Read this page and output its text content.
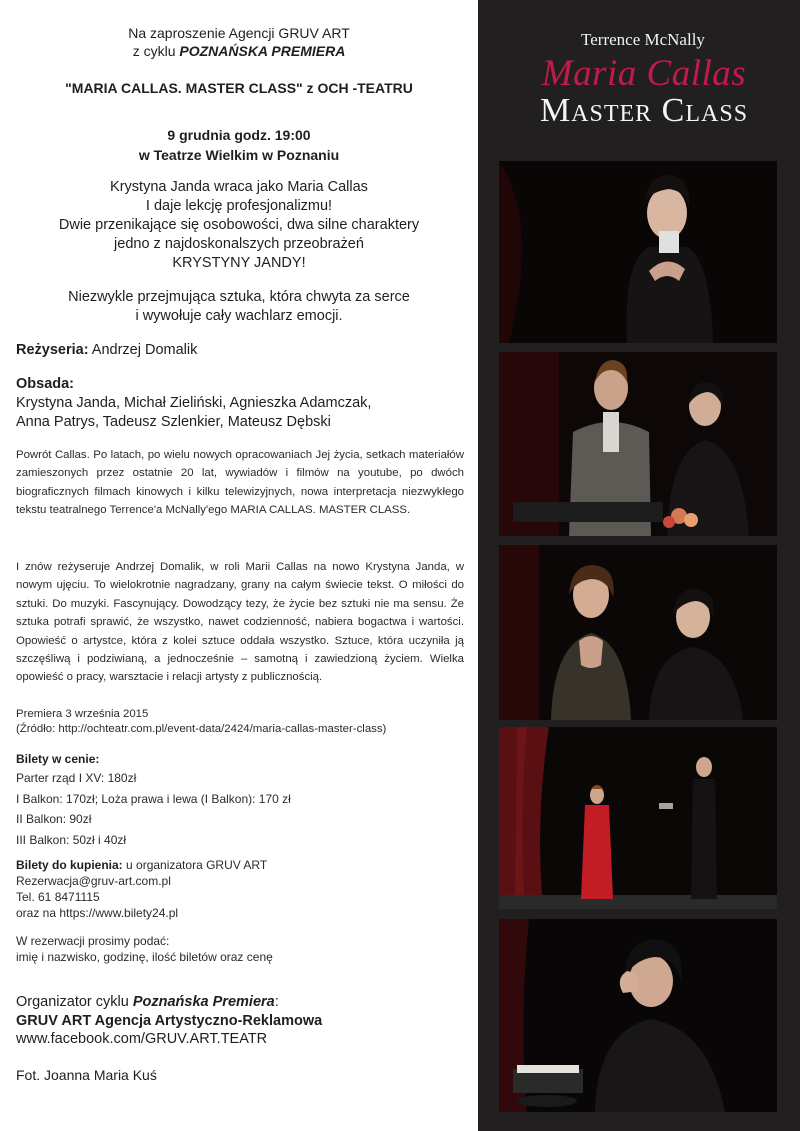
Na zaproszenie Agencji GRUV ART
z cyklu POZNAŃSKA PREMIERA
"MARIA CALLAS. MASTER CLASS" z OCH -TEATRU
9 grudnia godz. 19:00
w Teatrze Wielkim w Poznaniu
Krystyna Janda wraca jako Maria Callas
I daje lekcję profesjonalizmu!
Dwie przenikające się osobowości, dwa silne charaktery
jedno z najdoskonalszych przeobrażeń
KRYSTYNY JANDY!
Niezwykle przejmująca sztuka, która chwyta za serce
i wywołuje cały wachlarz emocji.
Reżyseria: Andrzej Domalik
Obsada:
Krystyna Janda, Michał Zieliński, Agnieszka Adamczak,
Anna Patrys, Tadeusz Szlenkier, Mateusz Dębski
Powrót Callas. Po latach, po wielu nowych opracowaniach Jej życia, setkach materiałów zamieszonych przez ostatnie 20 lat, wywiadów i filmów na youtube, po dwóch biograficznych filmach kinowych i kilku telewizyjnych, nowa interpretacja niezwykłego tekstu teatralnego Terrence'a McNally'ego MARIA CALLAS. MASTER CLASS.
I znów reżyseruje Andrzej Domalik, w roli Marii Callas na nowo Krystyna Janda, w nowym ujęciu. To wielokrotnie nagradzany, grany na całym świecie tekst. O miłości do sztuki. Do muzyki. Fascynujący. Dowodzący tezy, że życie bez sztuki nie ma sensu. Że sztuka potrafi sprawić, że wszystko, nawet codzienność, nabiera bogactwa i wartości. Opowieść o artystce, która z kolei sztuce oddała wszystko. Sztuce, która uczyniła ją szczęśliwą i podziwianą, a jednocześnie – samotną i zawiedzioną życiem. Wielka opowieść o pracy, warsztacie i relacji artysty z publicznością.
Premiera 3 września 2015
(Źródło: http://ochteatr.com.pl/event-data/2424/maria-callas-master-class)
Bilety w cenie:
Parter rząd I XV: 180zł
I Balkon: 170zł; Loża prawa i lewa (I Balkon): 170 zł
II Balkon: 90zł
III Balkon: 50zł i 40zł
Bilety do kupienia: u organizatora GRUV ART
Rezerwacja@gruv-art.com.pl
Tel. 61 8471115
oraz na https://www.bilety24.pl
W rezerwacji prosimy podać:
imię i nazwisko, godzinę, ilość biletów oraz cenę
Organizator cyklu Poznańska Premiera:
GRUV ART Agencja Artystyczno-Reklamowa
www.facebook.com/GRUV.ART.TEATR
Fot. Joanna Maria Kuś
Terrence McNally
Maria Callas
Master Class
